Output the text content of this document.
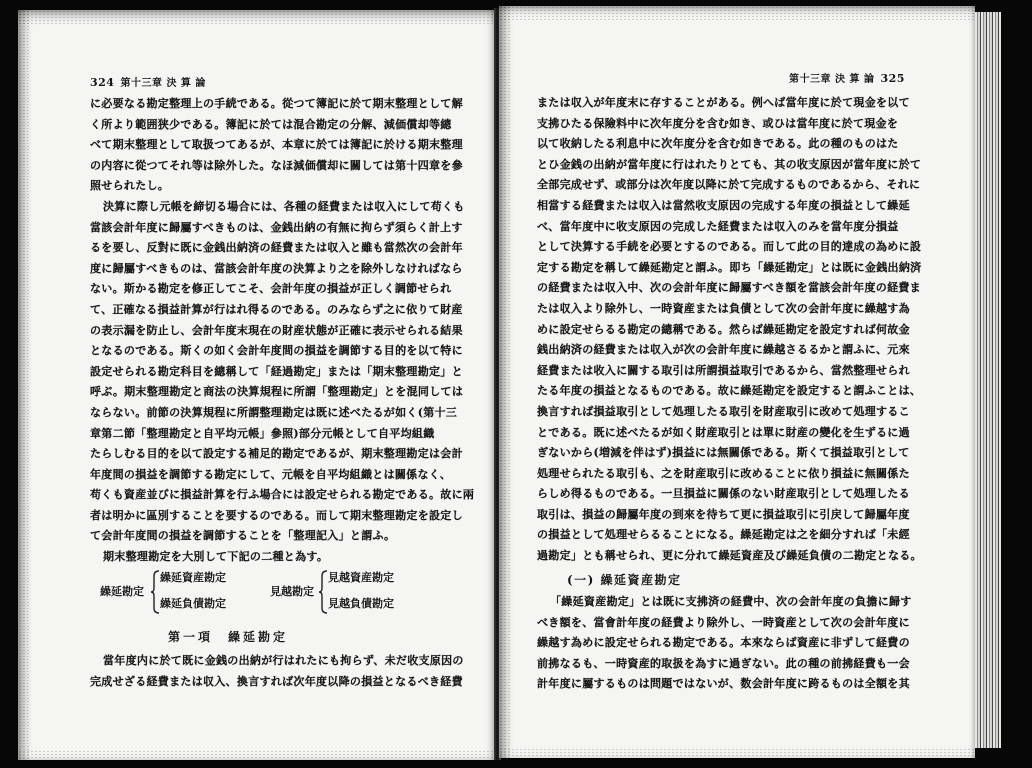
324 第十三章 決 算 論
に必要なる勘定整理上の手続である。從つて簿記に於て期末整理として解
く所より範囲狭少である。簿記に於ては混合勘定の分解、減価償却等總
べて期末整理として取扱つてあるが、本章に於ては簿記に於ける期末整理
の内容に從つてそれ等は除外した。なほ減価償却に關しては第十四章を參
照せられたし。
決算に際し元帳を締切る場合には、各種の経費または収入にして苟くも
當該会計年度に歸屬すべきものは、金銭出納の有無に拘らず須らく計上す
るを要し、反對に既に金銭出納済の経費または収入と雖も當然次の会計年
度に歸屬すべきものは、當該会計年度の決算より之を除外しなければなら
ない。斯かる勘定を修正してこそ、会計年度の損益が正しく調節せられ
て、正確なる損益計算が行はれ得るのである。のみならず之に依りて財産
の表示漏を防止し、会計年度末現在の財産状態が正確に表示せられる結果
となるのである。斯くの如く会計年度間の損益を調節する目的を以て特に
設定せられる勘定科目を總稱して「経過勘定」または「期末整理勘定」と
呼ぶ。期末整理勘定と商法の決算規程に所謂「整理勘定」とを混同しては
ならない。前節の決算規程に所謂整理勘定は既に述べたるが如く(第十三
章第二節「整理勘定と自平均元帳」參照)部分元帳として自平均組織
たらしむる目的を以て設定する補足的勘定であるが、期末整理勘定は会計
年度間の損益を調節する勘定にして、元帳を自平均組織とは關係なく、
苟くも資産並びに損益計算を行ふ場合には設定せられる勘定である。故に兩
者は明かに區別することを要するのである。而して期末整理勘定を設定し
て会計年度間の損益を調節することを「整理記入」と謂ふ。
期末整理勘定を大別して下記の二種と為す。
繰延勘定
繰延資産勘定
繰延負債勘定
見越勘定
見越資産勘定
見越負債勘定
第一項　繰延勘定
當年度内に於て既に金銭の出納が行はれたにも拘らず、未だ收支原因の
完成せざる経費または収入、換言すれば次年度以降の損益となるべき経費
第十三章 決 算 論 325
または収入が年度末に存することがある。例へば當年度に於て現金を以て
支拂ひたる保險料中に次年度分を含む如き、或ひは當年度に於て現金を
以て收納したる利息中に次年度分を含む如きである。此の種のものはた
とひ金銭の出納が當年度に行はれたりとても、其の收支原因が當年度に於て
全部完成せず、或部分は次年度以降に於て完成するものであるから、それに
相當する経費または収入は當然收支原因の完成する年度の損益として繰延
べ、當年度中に收支原因の完成した経費または収入のみを當年度分損益
として決算する手続を必要とするのである。而して此の目的達成の為めに設
定する勘定を稱して繰延勘定と謂ふ。即ち「繰延勘定」とは既に金銭出納済
の経費または収入中、次の会計年度に歸屬すべき額を當該会計年度の経費ま
たは収入より除外し、一時資産または負債として次の会計年度に繰越す為
めに設定せらるる勘定の總稱である。然らば繰延勘定を設定すれば何故金
銭出納済の経費または収入が次の会計年度に繰越さるるかと謂ふに、元來
経費または收入に關する取引は所謂損益取引であるから、當然整理せられ
たる年度の損益となるものである。故に繰延勘定を設定すると謂ふことは、
換言すれば損益取引として処理したる取引を財産取引に改めて処理するこ
とである。既に述べたるが如く財産取引とは單に財産の變化を生ずるに過
ぎないから(増減を伴はず)損益には無關係である。斯くて損益取引として
処理せられたる取引も、之を財産取引に改めることに依り損益に無關係た
らしめ得るものである。一旦損益に關係のない財産取引として処理したる
取引は、損益の歸屬年度の到來を待ちて更に損益取引に引戻して歸屬年度
の損益として処理せらるることになる。繰延勘定は之を細分すれば「未經
過勘定」とも稱せられ、更に分れて繰延資産及び繰延負債の二勘定となる。
(一) 繰延資産勘定
「繰延資産勘定」とは既に支拂済の経費中、次の会計年度の負擔に歸す
べき額を、當會計年度の経費より除外し、一時資産として次の会計年度に
繰越す為めに設定せられる勘定である。本來ならば資産に非ずして経費の
前拂なるも、一時資産的取扱を為すに過ぎない。此の種の前拂経費も一会
計年度に屬するものは問題ではないが、数会計年度に跨るものは全額を其
